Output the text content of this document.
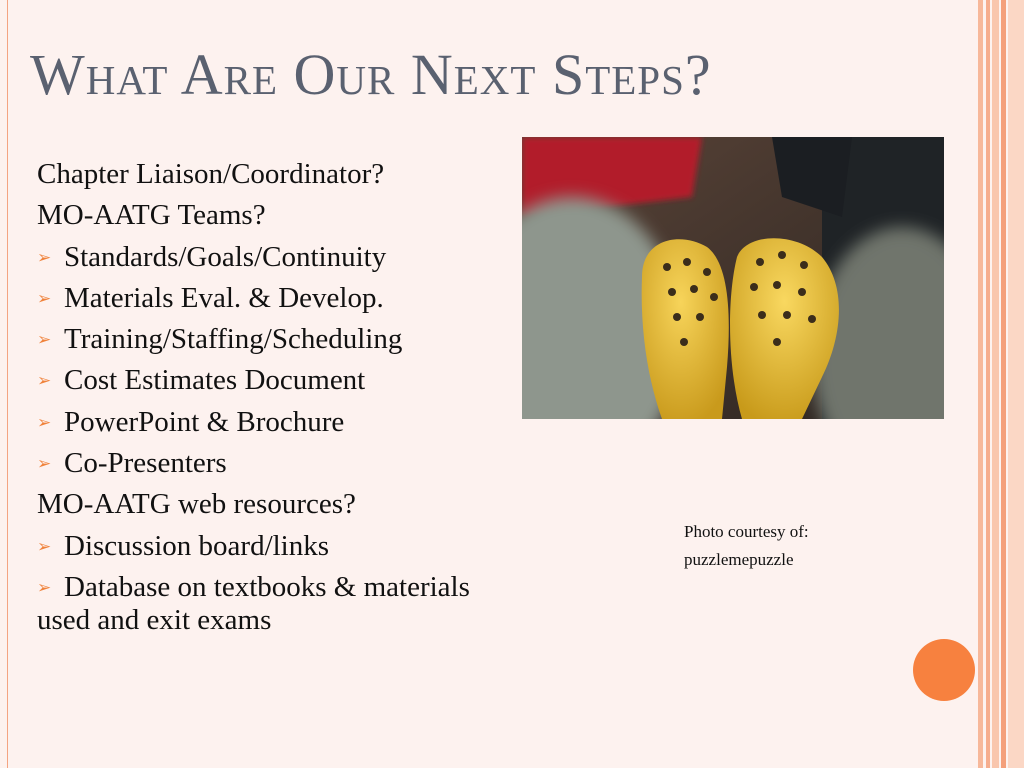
What Are Our Next Steps?
Chapter Liaison/Coordinator?
MO-AATG Teams?
➢ Standards/Goals/Continuity
➢ Materials Eval. & Develop.
➢ Training/Staffing/Scheduling
➢ Cost Estimates Document
➢ PowerPoint & Brochure
➢ Co-Presenters
MO-AATG web resources?
➢ Discussion board/links
➢ Database on textbooks & materials used and exit exams
Photo courtesy of:
puzzlemepuzzle
